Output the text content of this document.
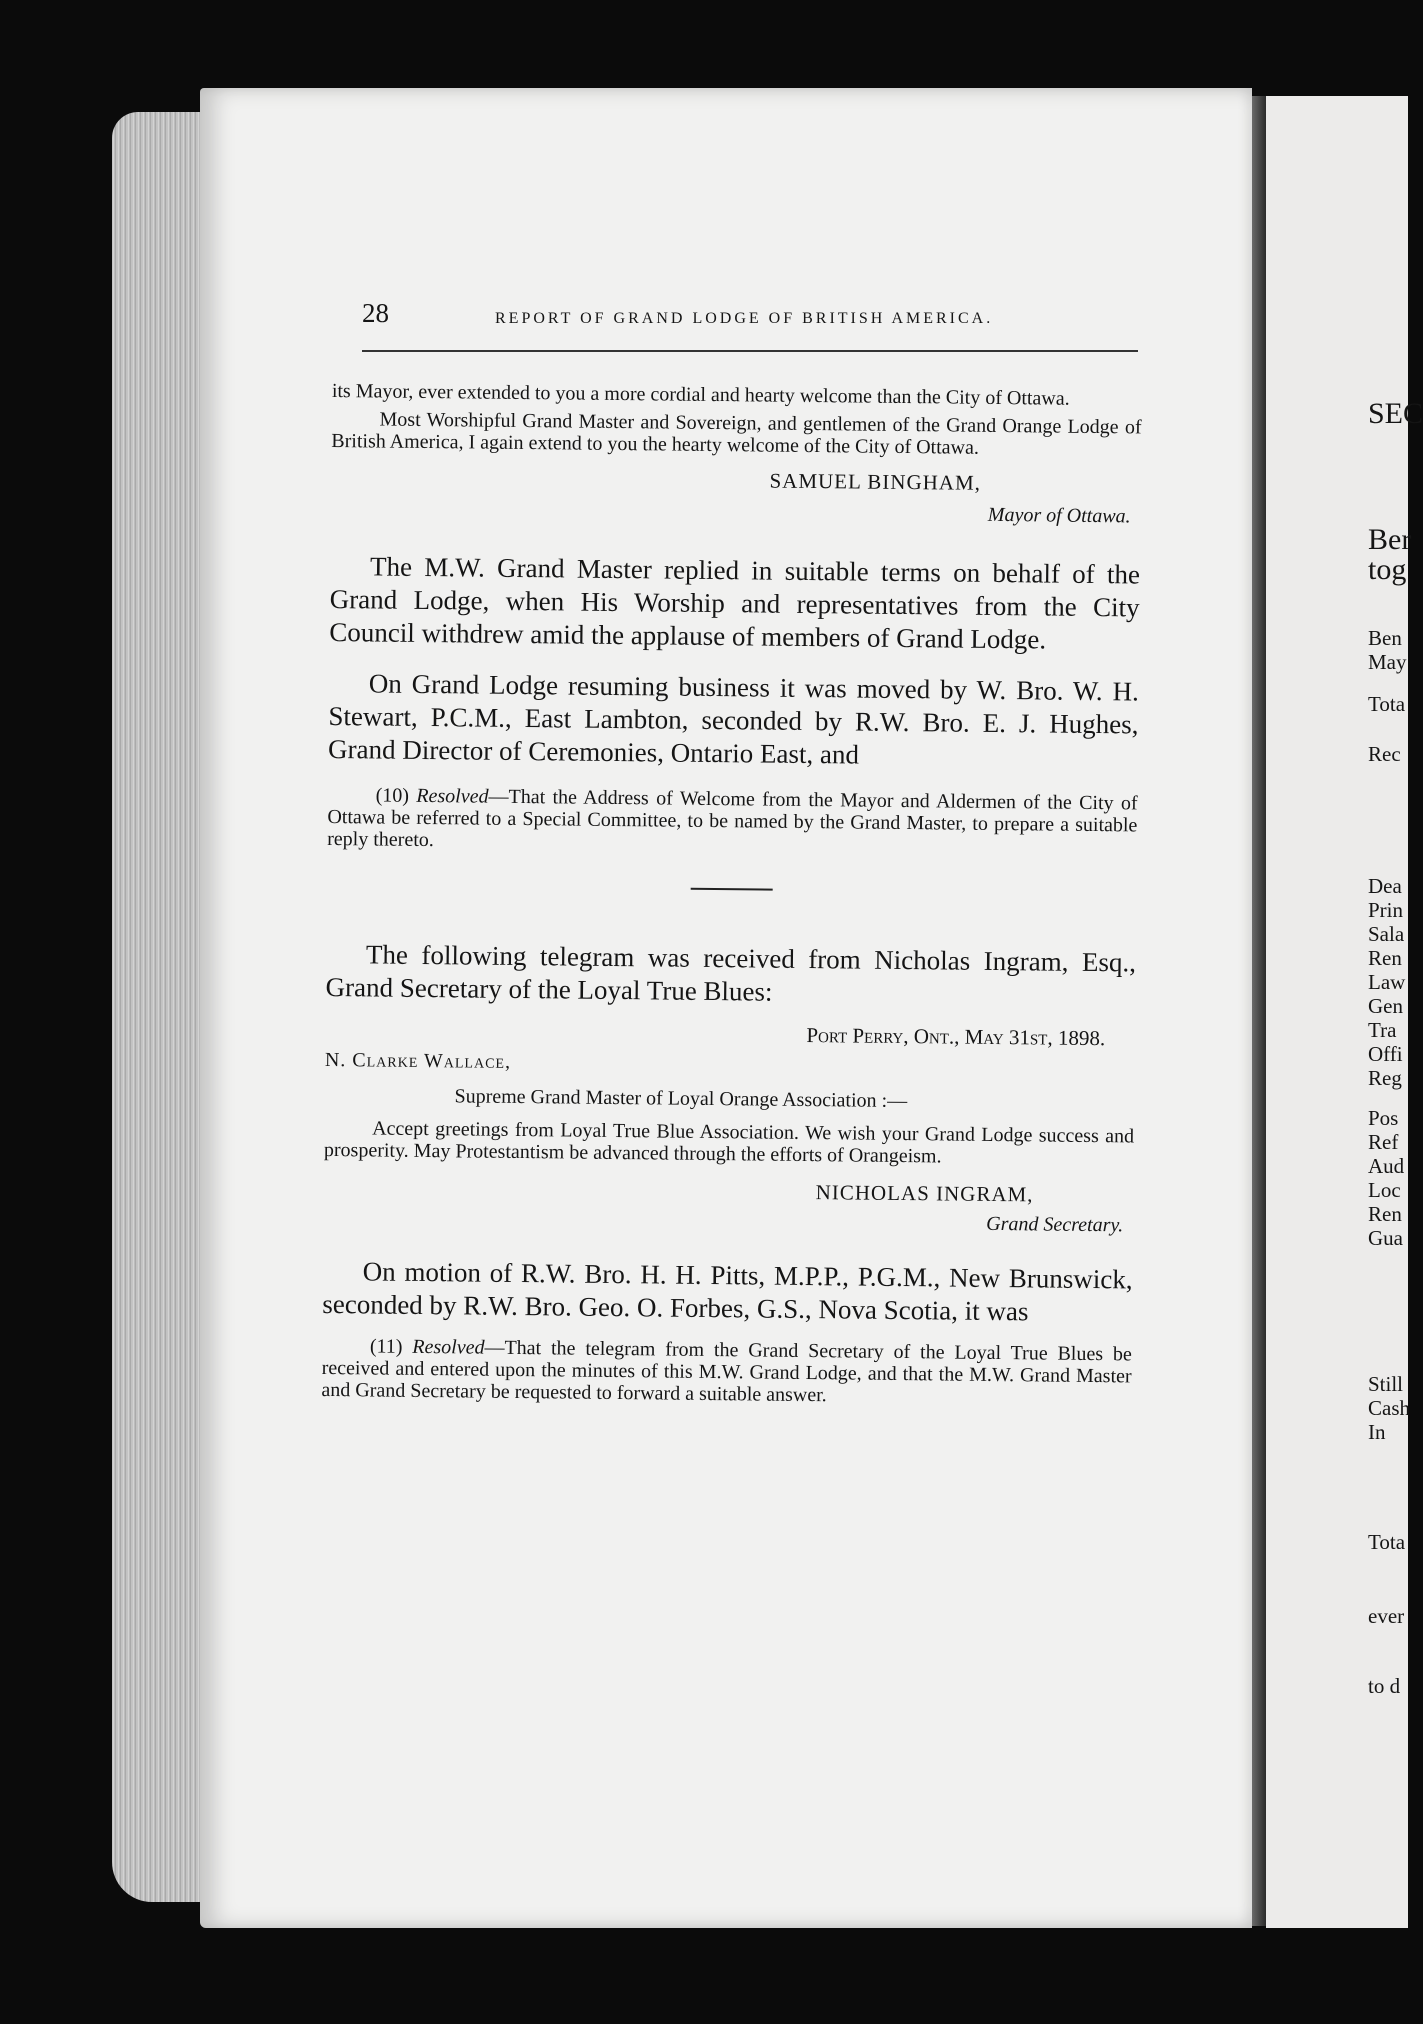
SEC
Ber
tog
Ben
May
Tota
Rec
Dea
Prin
Sala
Ren
Law
Gen
Tra
Offi
Reg
Pos
Ref
Aud
Loc
Ren
Gua
Still
Cash
In
Tota
ever
to d
28	REPORT OF GRAND LODGE OF BRITISH AMERICA.

its Mayor, ever extended to you a more cordial and hearty welcome than the City of Ottawa.

Most Worshipful Grand Master and Sovereign, and gentlemen of the Grand Orange Lodge of British America, I again extend to you the hearty welcome of the City of Ottawa.

SAMUEL BINGHAM,

Mayor of Ottawa.

The M.W. Grand Master replied in suitable terms on behalf of the Grand Lodge, when His Worship and representatives from the City Council withdrew amid the applause of members of Grand Lodge.

On Grand Lodge resuming business it was moved by W. Bro. W. H. Stewart, P.C.M., East Lambton, seconded by R.W. Bro. E. J. Hughes, Grand Director of Ceremonies, Ontario East, and

(10) Resolved—That the Address of Welcome from the Mayor and Aldermen of the City of Ottawa be referred to a Special Committee, to be named by the Grand Master, to prepare a suitable reply thereto.

The following telegram was received from Nicholas Ingram, Esq., Grand Secretary of the Loyal True Blues:

Port Perry, Ont., May 31st, 1898.

N. Clarke Wallace,

Supreme Grand Master of Loyal Orange Association :—

Accept greetings from Loyal True Blue Association. We wish your Grand Lodge success and prosperity. May Protestantism be advanced through the efforts of Orangeism.

NICHOLAS INGRAM,

Grand Secretary.

On motion of R.W. Bro. H. H. Pitts, M.P.P., P.G.M., New Brunswick, seconded by R.W. Bro. Geo. O. Forbes, G.S., Nova Scotia, it was

(11) Resolved—That the telegram from the Grand Secretary of the Loyal True Blues be received and entered upon the minutes of this M.W. Grand Lodge, and that the M.W. Grand Master and Grand Secretary be requested to forward a suitable answer.
